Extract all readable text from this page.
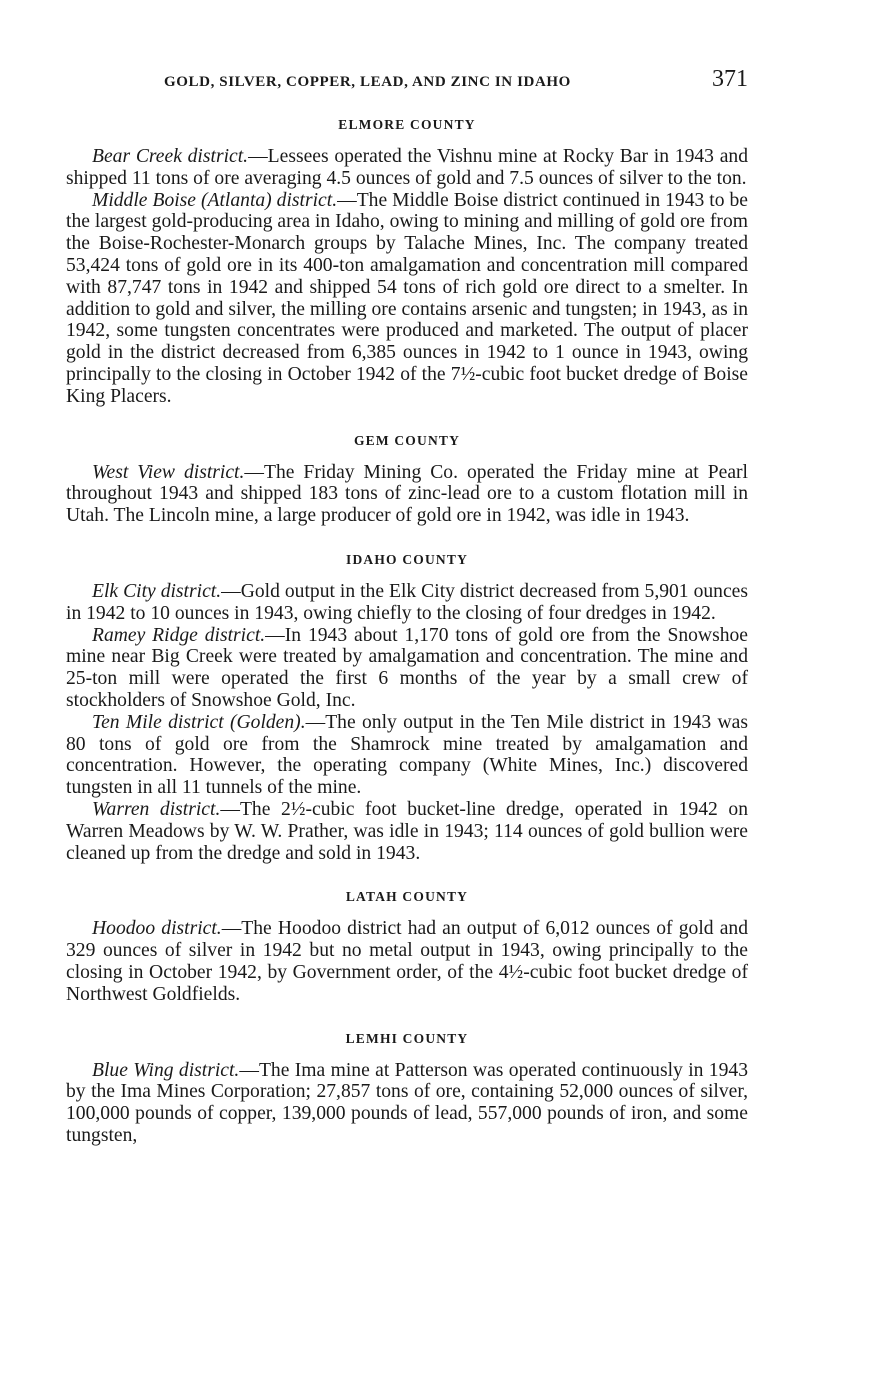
GOLD, SILVER, COPPER, LEAD, AND ZINC IN IDAHO	371
ELMORE COUNTY

Bear Creek district.—Lessees operated the Vishnu mine at Rocky Bar in 1943 and shipped 11 tons of ore averaging 4.5 ounces of gold and 7.5 ounces of silver to the ton.

Middle Boise (Atlanta) district.—The Middle Boise district continued in 1943 to be the largest gold-producing area in Idaho, owing to mining and milling of gold ore from the Boise-Rochester-Monarch groups by Talache Mines, Inc. The company treated 53,424 tons of gold ore in its 400-ton amalgamation and concentration mill compared with 87,747 tons in 1942 and shipped 54 tons of rich gold ore direct to a smelter. In addition to gold and silver, the milling ore contains arsenic and tungsten; in 1943, as in 1942, some tungsten concentrates were produced and marketed. The output of placer gold in the district decreased from 6,385 ounces in 1942 to 1 ounce in 1943, owing principally to the closing in October 1942 of the 7½-cubic foot bucket dredge of Boise King Placers.

GEM COUNTY

West View district.—The Friday Mining Co. operated the Friday mine at Pearl throughout 1943 and shipped 183 tons of zinc-lead ore to a custom flotation mill in Utah. The Lincoln mine, a large producer of gold ore in 1942, was idle in 1943.

IDAHO COUNTY

Elk City district.—Gold output in the Elk City district decreased from 5,901 ounces in 1942 to 10 ounces in 1943, owing chiefly to the closing of four dredges in 1942.

Ramey Ridge district.—In 1943 about 1,170 tons of gold ore from the Snowshoe mine near Big Creek were treated by amalgamation and concentration. The mine and 25-ton mill were operated the first 6 months of the year by a small crew of stockholders of Snowshoe Gold, Inc.

Ten Mile district (Golden).—The only output in the Ten Mile district in 1943 was 80 tons of gold ore from the Shamrock mine treated by amalgamation and concentration. However, the operating company (White Mines, Inc.) discovered tungsten in all 11 tunnels of the mine.

Warren district.—The 2½-cubic foot bucket-line dredge, operated in 1942 on Warren Meadows by W. W. Prather, was idle in 1943; 114 ounces of gold bullion were cleaned up from the dredge and sold in 1943.

LATAH COUNTY

Hoodoo district.—The Hoodoo district had an output of 6,012 ounces of gold and 329 ounces of silver in 1942 but no metal output in 1943, owing principally to the closing in October 1942, by Government order, of the 4½-cubic foot bucket dredge of Northwest Goldfields.

LEMHI COUNTY

Blue Wing district.—The Ima mine at Patterson was operated continuously in 1943 by the Ima Mines Corporation; 27,857 tons of ore, containing 52,000 ounces of silver, 100,000 pounds of copper, 139,000 pounds of lead, 557,000 pounds of iron, and some tungsten,
